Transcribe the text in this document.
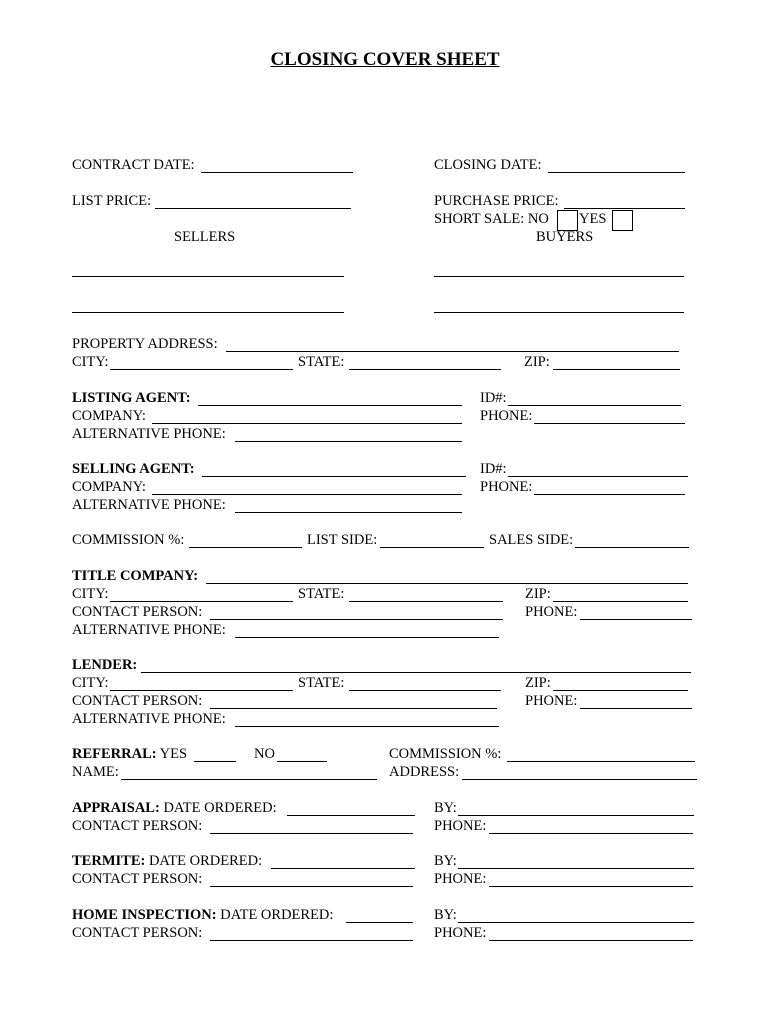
CLOSING COVER SHEET
CONTRACT DATE:	CLOSING DATE:
LIST PRICE:	PURCHASE PRICE:
SHORT SALE: NO YES
SELLERS	BUYERS
PROPERTY ADDRESS:
CITY:	STATE:	ZIP:
LISTING AGENT:	ID#:
COMPANY:	PHONE:
ALTERNATIVE PHONE:
SELLING AGENT:	ID#:
COMPANY:	PHONE:
ALTERNATIVE PHONE:
COMMISSION %:	LIST SIDE:	SALES SIDE:
TITLE COMPANY:
CITY:	STATE:	ZIP:
CONTACT PERSON:	PHONE:
ALTERNATIVE PHONE:
LENDER:
CITY:	STATE:	ZIP:
CONTACT PERSON:	PHONE:
ALTERNATIVE PHONE:
REFERRAL: YES	NO	COMMISSION %:
NAME:	ADDRESS:
APPRAISAL: DATE ORDERED:	BY:
CONTACT PERSON:	PHONE:
TERMITE: DATE ORDERED:	BY:
CONTACT PERSON:	PHONE:
HOME INSPECTION: DATE ORDERED:	BY:
CONTACT PERSON:	PHONE:
